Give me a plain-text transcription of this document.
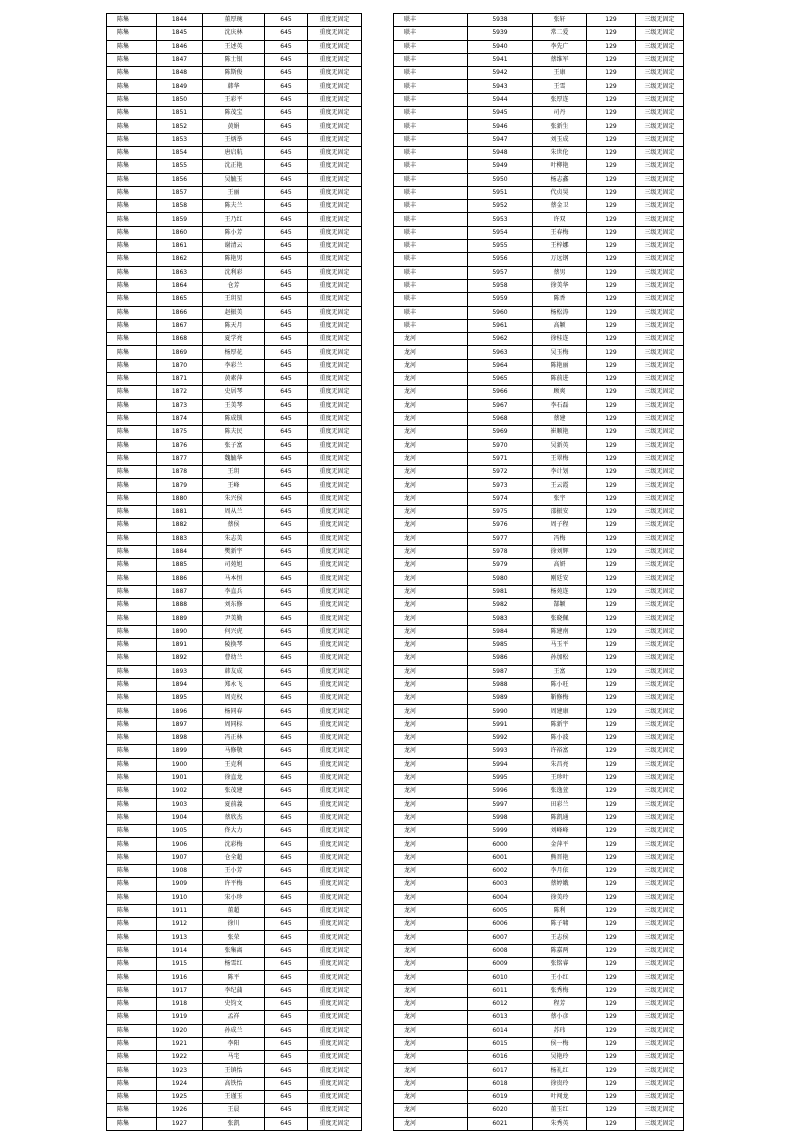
陈集	1844	董厚琬	645	重度无固定
陈集	1845	沈庆林	645	重度无固定
陈集	1846	王述英	645	重度无固定
陈集	1847	陈士银	645	重度无固定
陈集	1848	陈斯俊	645	重度无固定
陈集	1849	韩华	645	重度无固定
陈集	1850	王彩平	645	重度无固定
陈集	1851	陈茂宝	645	重度无固定
陈集	1852	黄娟	645	重度无固定
陈集	1853	王炳举	645	重度无固定
陈集	1854	唐启航	645	重度无固定
陈集	1855	沈正艳	645	重度无固定
陈集	1856	吴毓玉	645	重度无固定
陈集	1857	王丽	645	重度无固定
陈集	1858	陈夫兰	645	重度无固定
陈集	1859	王乃红	645	重度无固定
陈集	1860	陈小芳	645	重度无固定
陈集	1861	谢清云	645	重度无固定
陈集	1862	陈艳男	645	重度无固定
陈集	1863	沈利彩	645	重度无固定
陈集	1864	仓芳	645	重度无固定
陈集	1865	王玥星	645	重度无固定
陈集	1866	赵振美	645	重度无固定
陈集	1867	陈天月	645	重度无固定
陈集	1868	夏学亮	645	重度无固定
陈集	1869	杨厚花	645	重度无固定
陈集	1870	李彩兰	645	重度无固定
陈集	1871	黄素萍	645	重度无固定
陈集	1872	史居琴	645	重度无固定
陈集	1873	王美琴	645	重度无固定
陈集	1874	陈成锁	645	重度无固定
陈集	1875	陈夫民	645	重度无固定
陈集	1876	张子富	645	重度无固定
陈集	1877	魏毓华	645	重度无固定
陈集	1878	王玥	645	重度无固定
陈集	1879	王峰	645	重度无固定
陈集	1880	朱兴侯	645	重度无固定
陈集	1881	周从兰	645	重度无固定
陈集	1882	蔡侯	645	重度无固定
陈集	1883	朱志美	645	重度无固定
陈集	1884	樊新宇	645	重度无固定
陈集	1885	司苑旭	645	重度无固定
陈集	1886	马本恒	645	重度无固定
陈集	1887	李直兵	645	重度无固定
陈集	1888	刘东修	645	重度无固定
陈集	1889	尹美勤	645	重度无固定
陈集	1890	何兴虎	645	重度无固定
陈集	1891	陵换琴	645	重度无固定
陈集	1892	曹幼兰	645	重度无固定
陈集	1893	韩友成	645	重度无固定
陈集	1894	郑永飞	645	重度无固定
陈集	1895	周克权	645	重度无固定
陈集	1896	杨同春	645	重度无固定
陈集	1897	周同标	645	重度无固定
陈集	1898	冯正林	645	重度无固定
陈集	1899	马修敬	645	重度无固定
陈集	1900	王克利	645	重度无固定
陈集	1901	徐直龙	645	重度无固定
陈集	1902	张茂建	645	重度无固定
陈集	1903	夏前義	645	重度无固定
陈集	1904	蔡欣杰	645	重度无固定
陈集	1905	佟大力	645	重度无固定
陈集	1906	沈彩梅	645	重度无固定
陈集	1907	仓全超	645	重度无固定
陈集	1908	王小芳	645	重度无固定
陈集	1909	许平梅	645	重度无固定
陈集	1910	宋小珍	645	重度无固定
陈集	1911	董超	645	重度无固定
陈集	1912	徐川	645	重度无固定
陈集	1913	张荣	645	重度无固定
陈集	1914	张集离	645	重度无固定
陈集	1915	杨雪红	645	重度无固定
陈集	1916	陈平	645	重度无固定
陈集	1917	李纪蒲	645	重度无固定
陈集	1918	史钧文	645	重度无固定
陈集	1919	孟祥	645	重度无固定
陈集	1920	孙成兰	645	重度无固定
陈集	1921	李阳	645	重度无固定
陈集	1922	马宅	645	重度无固定
陈集	1923	王镇怡	645	重度无固定
陈集	1924	高铁怡	645	重度无固定
陈集	1925	王谨玉	645	重度无固定
陈集	1926	王晨	645	重度无固定
陈集	1927	张凯	645	重度无固定
联丰	5938	张轩	129	三级无固定
联丰	5939	常二爱	129	三级无固定
联丰	5940	李先广	129	三级无固定
联丰	5941	蔡维军	129	三级无固定
联丰	5942	王康	129	三级无固定
联丰	5943	王雪	129	三级无固定
联丰	5944	张厚连	129	三级无固定
联丰	5945	司丹	129	三级无固定
联丰	5946	张新生	129	三级无固定
联丰	5947	刘玉成	129	三级无固定
联丰	5948	朱世伦	129	三级无固定
联丰	5949	叶柳艳	129	三级无固定
联丰	5950	杨志鑫	129	三级无固定
联丰	5951	代贞昊	129	三级无固定
联丰	5952	蔡金卫	129	三级无固定
联丰	5953	许双	129	三级无固定
联丰	5954	王春梅	129	三级无固定
联丰	5955	王梓娜	129	三级无固定
联丰	5956	万远钢	129	三级无固定
联丰	5957	蔡男	129	三级无固定
联丰	5958	徐美华	129	三级无固定
联丰	5959	陈香	129	三级无固定
联丰	5960	杨松涛	129	三级无固定
联丰	5961	高颖	129	三级无固定
龙河	5962	徐桂连	129	三级无固定
龙河	5963	吴玉梅	129	三级无固定
龙河	5964	陈艳丽	129	三级无固定
龙河	5965	陈前进	129	三级无固定
龙河	5966	顾爽	129	三级无固定
龙河	5967	李石磊	129	三级无固定
龙河	5968	蔡建	129	三级无固定
龙河	5969	崔顺艳	129	三级无固定
龙河	5970	吴新英	129	三级无固定
龙河	5971	王翠梅	129	三级无固定
龙河	5972	李计划	129	三级无固定
龙河	5973	王云霞	129	三级无固定
龙河	5974	张宇	129	三级无固定
龙河	5975	邵振安	129	三级无固定
龙河	5976	周子程	129	三级无固定
龙河	5977	冯梅	129	三级无固定
龙河	5978	徐刘辉	129	三级无固定
龙河	5979	高妍	129	三级无固定
龙河	5980	刚廷安	129	三级无固定
龙河	5981	杨苑连	129	三级无固定
龙河	5982	郜颖	129	三级无固定
龙河	5983	张晓佩	129	三级无固定
龙河	5984	陈建南	129	三级无固定
龙河	5985	马玉平	129	三级无固定
龙河	5986	孙加松	129	三级无固定
龙河	5987	王富	129	三级无固定
龙河	5988	陈小旺	129	三级无固定
龙河	5989	靳修梅	129	三级无固定
龙河	5990	周建康	129	三级无固定
龙河	5991	陈新宇	129	三级无固定
龙河	5992	陈小波	129	三级无固定
龙河	5993	许裕富	129	三级无固定
龙河	5994	朱昌亮	129	三级无固定
龙河	5995	王珍叶	129	三级无固定
龙河	5996	张逸萱	129	三级无固定
龙河	5997	田彩兰	129	三级无固定
龙河	5998	陈凯通	129	三级无固定
龙河	5999	刘峰峰	129	三级无固定
龙河	6000	金萍平	129	三级无固定
龙河	6001	熊晋艳	129	三级无固定
龙河	6002	李月依	129	三级无固定
龙河	6003	蔡婷娥	129	三级无固定
龙河	6004	徐美玲	129	三级无固定
龙河	6005	陈利	129	三级无固定
龙河	6006	陈子啸	129	三级无固定
龙河	6007	王志侯	129	三级无固定
龙河	6008	陈嘉两	129	三级无固定
龙河	6009	张铭睿	129	三级无固定
龙河	6010	王小红	129	三级无固定
龙河	6011	张秀梅	129	三级无固定
龙河	6012	程芳	129	三级无固定
龙河	6013	蔡小彦	129	三级无固定
龙河	6014	苏玮	129	三级无固定
龙河	6015	侯一梅	129	三级无固定
龙河	6016	吴艳玲	129	三级无固定
龙河	6017	杨礼红	129	三级无固定
龙河	6018	徐贵玲	129	三级无固定
龙河	6019	叶闯龙	129	三级无固定
龙河	6020	董玉红	129	三级无固定
龙河	6021	朱秀英	129	三级无固定
